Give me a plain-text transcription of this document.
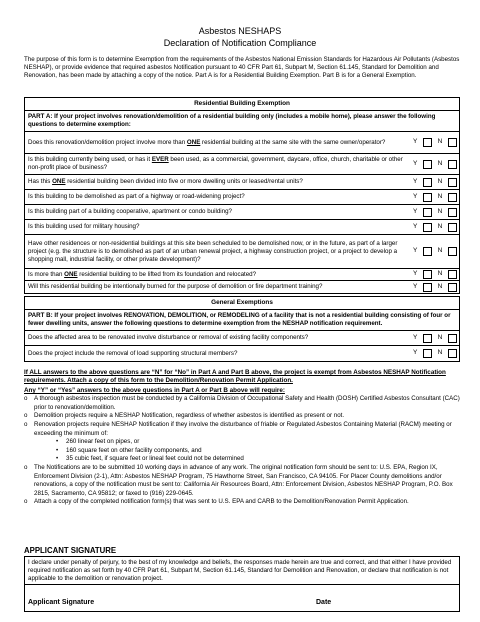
Asbestos NESHAPS
Declaration of Notification Compliance
The purpose of this form is to determine Exemption from the requirements of the Asbestos National Emission Standards for Hazardous Air Pollutants (Asbestos NESHAP), or provide evidence that required asbestos Notification pursuant to 40 CFR Part 61, Subpart M, Section 61.145, Standard for Demolition and Renovation, has been made by attaching a copy of the notice. Part A is for a Residential Building Exemption. Part B is for a General Exemption.
Residential Building Exemption
PART A: If your project involves renovation/demolition of a residential building only (includes a mobile home), please answer the following questions to determine exemption:
Does this renovation/demolition project involve more than ONE residential building at the same site with the same owner/operator?	Y	N
Is this building currently being used, or has it EVER been used, as a commercial, government, daycare, office, church, charitable or other non-profit place of business?
Y	N
Has this ONE residential building been divided into five or more dwelling units or leased/rental units?	Y	N
Is this building to be demolished as part of a highway or road-widening project?	Y	N
Is this building part of a building cooperative, apartment or condo building?	Y	N
Is this building used for military housing?	Y	N
Have other residences or non-residential buildings at this site been scheduled to be demolished now, or in the future, as part of a larger project (e.g. the structure is to demolished as part of an urban renewal project, a highway construction project, or a project to develop a shopping mall, industrial facility, or other private development)?
Y	N
Is more than ONE residential building to be lifted from its foundation and relocated?	Y	N
Will this residential building be intentionally burned for the purpose of demolition or fire department training?	Y	N
General Exemptions
PART B: If your project involves RENOVATION, DEMOLITION, or REMODELING of a facility that is not a residential building consisting of four or fewer dwelling units, answer the following questions to determine exemption from the NESHAP notification requirement.
Does the affected area to be renovated involve disturbance or removal of existing facility components?	Y	N
Does the project include the removal of load supporting structural members?	Y	N
If ALL answers to the above questions are “N” for “No” in Part A and Part B above, the project is exempt from Asbestos NESHAP Notification requirements. Attach a copy of this form to the Demolition/Renovation Permit Application.
Any “Y” or “Yes” answers to the above questions in Part A or Part B above will require:
o A thorough asbestos inspection must be conducted by a California Division of Occupational Safety and Health (DOSH) Certified Asbestos Consultant (CAC) prior to renovation/demolition.
o Demolition projects require a NESHAP Notification, regardless of whether asbestos is identified as present or not.
o Renovation projects require NESHAP Notification if they involve the disturbance of friable or Regulated Asbestos Containing Material (RACM) meeting or exceeding the minimum of:
• 260 linear feet on pipes, or
• 160 square feet on other facility components, and
• 35 cubic feet, if square feet or lineal feet could not be determined
o The Notifications are to be submitted 10 working days in advance of any work. The original notification form should be sent to: U.S. EPA, Region IX, Enforcement Division (2-1), Attn: Asbestos NESHAP Program, 75 Hawthorne Street, San Francisco, CA 94105. For Placer County demolitions and/or renovations, a copy of the notification must be sent to: California Air Resources Board, Attn: Enforcement Division, Asbestos NESHAP Program, P.O. Box 2815, Sacramento, CA 95812; or faxed to (916) 229-0645.
o Attach a copy of the completed notification form(s) that was sent to U.S. EPA and CARB to the Demolition/Renovation Permit Application.
APPLICANT SIGNATURE
I declare under penalty of perjury, to the best of my knowledge and beliefs, the responses made herein are true and correct, and that either I have provided required notification as set forth by 40 CFR Part 61, Subpart M, Section 61.145, Standard for Demolition and Renovation, or declare that notification is not applicable to the demolition or renovation project.
Applicant Signature	Date
